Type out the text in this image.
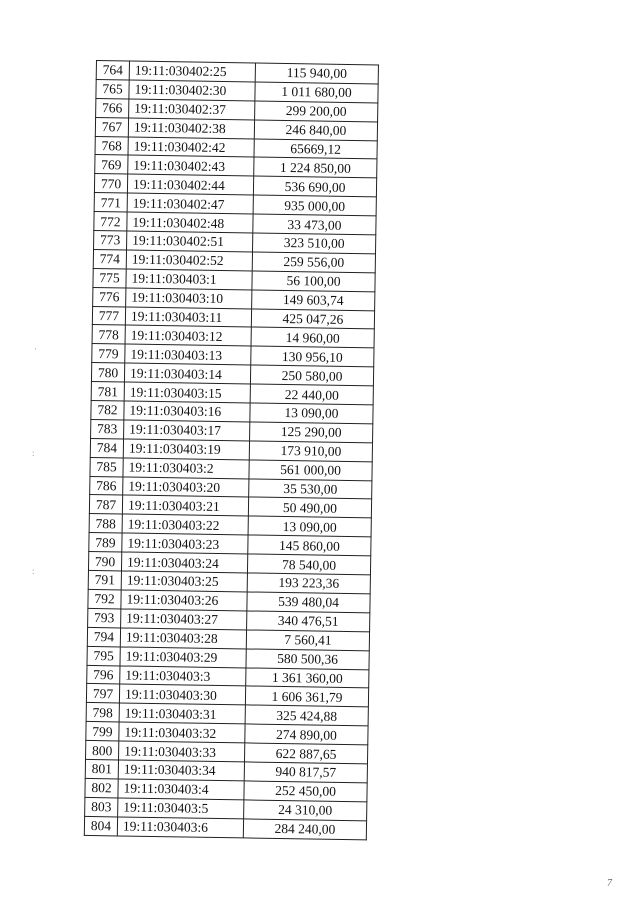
·
:
:
764	19:11:030402:25	115 940,00
765	19:11:030402:30	1 011 680,00
766	19:11:030402:37	299 200,00
767	19:11:030402:38	246 840,00
768	19:11:030402:42	65669,12
769	19:11:030402:43	1 224 850,00
770	19:11:030402:44	536 690,00
771	19:11:030402:47	935 000,00
772	19:11:030402:48	33 473,00
773	19:11:030402:51	323 510,00
774	19:11:030402:52	259 556,00
775	19:11:030403:1	56 100,00
776	19:11:030403:10	149 603,74
777	19:11:030403:11	425 047,26
778	19:11:030403:12	14 960,00
779	19:11:030403:13	130 956,10
780	19:11:030403:14	250 580,00
781	19:11:030403:15	22 440,00
782	19:11:030403:16	13 090,00
783	19:11:030403:17	125 290,00
784	19:11:030403:19	173 910,00
785	19:11:030403:2	561 000,00
786	19:11:030403:20	35 530,00
787	19:11:030403:21	50 490,00
788	19:11:030403:22	13 090,00
789	19:11:030403:23	145 860,00
790	19:11:030403:24	78 540,00
791	19:11:030403:25	193 223,36
792	19:11:030403:26	539 480,04
793	19:11:030403:27	340 476,51
794	19:11:030403:28	7 560,41
795	19:11:030403:29	580 500,36
796	19:11:030403:3	1 361 360,00
797	19:11:030403:30	1 606 361,79
798	19:11:030403:31	325 424,88
799	19:11:030403:32	274 890,00
800	19:11:030403:33	622 887,65
801	19:11:030403:34	940 817,57
802	19:11:030403:4	252 450,00
803	19:11:030403:5	24 310,00
804	19:11:030403:6	284 240,00
7
